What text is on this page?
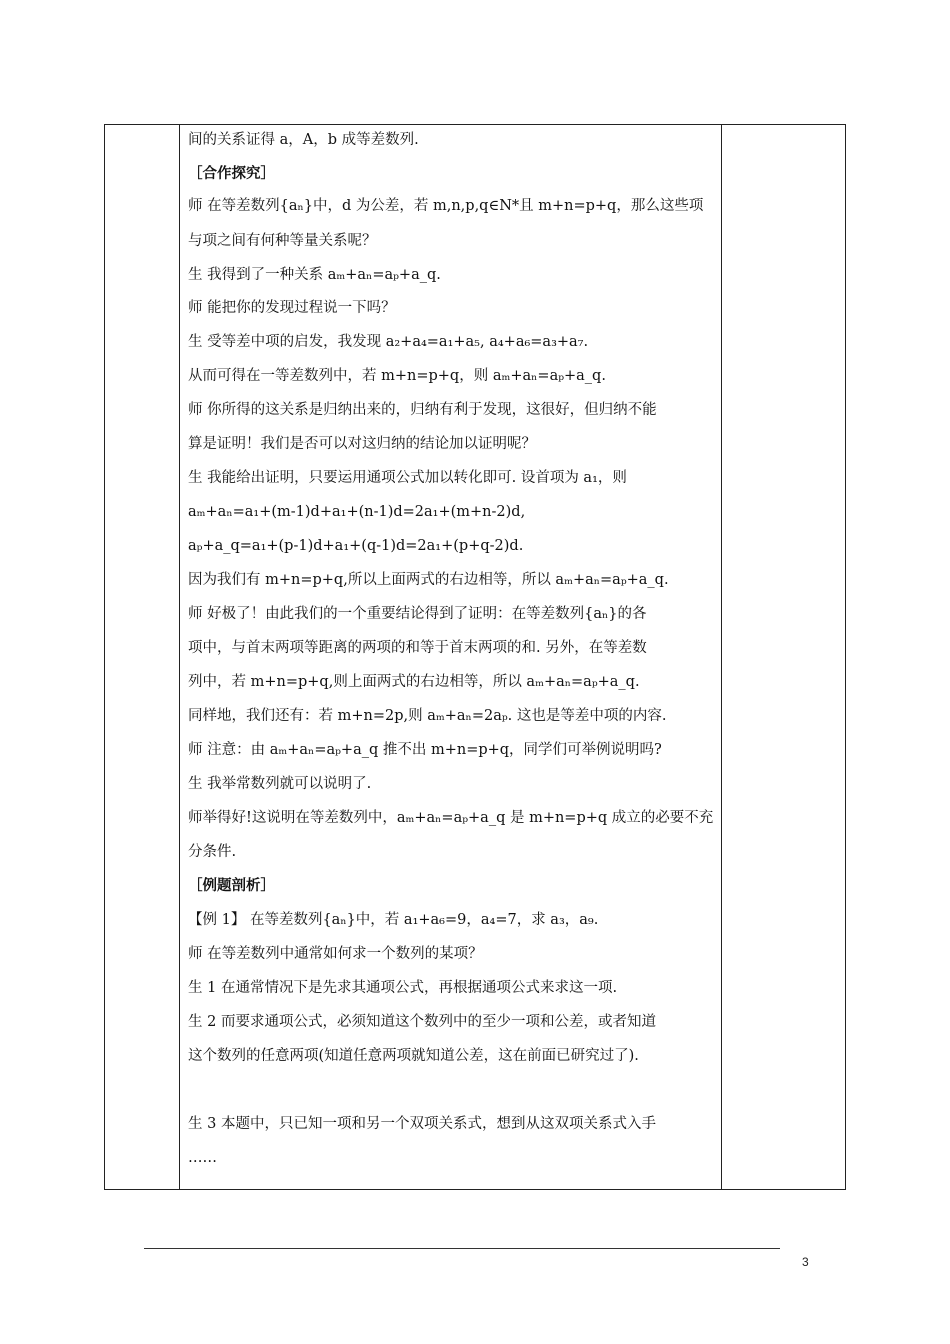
间的关系证得 a，A，b 成等差数列.
［合作探究］
师 在等差数列{aₙ}中，d 为公差，若 m,n,p,q∈N*且 m+n=p+q，那么这些项
与项之间有何种等量关系呢？
生 我得到了一种关系 aₘ+aₙ=aₚ+a_q.
师 能把你的发现过程说一下吗？
生 受等差中项的启发，我发现 a₂+a₄=a₁+a₅, a₄+a₆=a₃+a₇.
从而可得在一等差数列中，若 m+n=p+q，则 aₘ+aₙ=aₚ+a_q.
师 你所得的这关系是归纳出来的，归纳有利于发现，这很好，但归纳不能
算是证明！我们是否可以对这归纳的结论加以证明呢？
生 我能给出证明，只要运用通项公式加以转化即可. 设首项为 a₁，则
aₘ+aₙ=a₁+(m-1)d+a₁+(n-1)d=2a₁+(m+n-2)d,
aₚ+a_q=a₁+(p-1)d+a₁+(q-1)d=2a₁+(p+q-2)d.
因为我们有 m+n=p+q,所以上面两式的右边相等，所以 aₘ+aₙ=aₚ+a_q.
师 好极了！由此我们的一个重要结论得到了证明：在等差数列{aₙ}的各
项中，与首末两项等距离的两项的和等于首末两项的和. 另外，在等差数
列中，若 m+n=p+q,则上面两式的右边相等，所以 aₘ+aₙ=aₚ+a_q.
同样地，我们还有：若 m+n=2p,则 aₘ+aₙ=2aₚ. 这也是等差中项的内容.
师 注意：由 aₘ+aₙ=aₚ+a_q 推不出 m+n=p+q，同学们可举例说明吗?
生 我举常数列就可以说明了.
师举得好!这说明在等差数列中，aₘ+aₙ=aₚ+a_q 是 m+n=p+q 成立的必要不充
分条件.
［例题剖析］
【例 1】 在等差数列{aₙ}中，若 a₁+a₆=9，a₄=7，求 a₃，a₉.
师 在等差数列中通常如何求一个数列的某项？
生 1 在通常情况下是先求其通项公式，再根据通项公式来求这一项.
生 2 而要求通项公式，必须知道这个数列中的至少一项和公差，或者知道
这个数列的任意两项(知道任意两项就知道公差，这在前面已研究过了).
生 3 本题中，只已知一项和另一个双项关系式，想到从这双项关系式入手
……
3
